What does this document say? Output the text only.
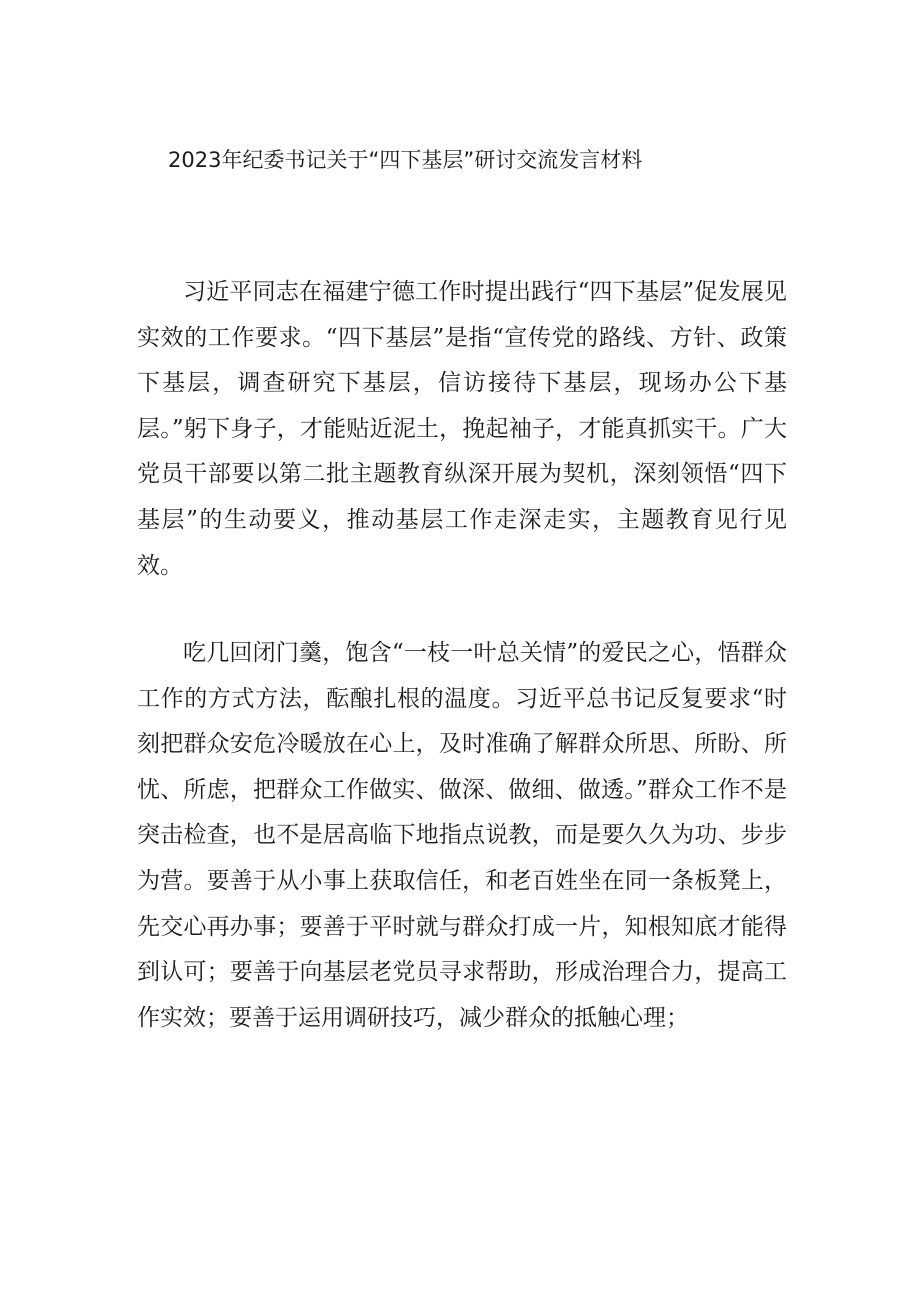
2023年纪委书记关于“四下基层”研讨交流发言材料

习近平同志在福建宁德工作时提出践行“四下基层”促发展见实效的工作要求。“四下基层”是指“宣传党的路线、方针、政策下基层，调查研究下基层，信访接待下基层，现场办公下基层。”躬下身子，才能贴近泥土，挽起袖子，才能真抓实干。广大党员干部要以第二批主题教育纵深开展为契机，深刻领悟“四下基层”的生动要义，推动基层工作走深走实，主题教育见行见效。

吃几回闭门羹，饱含“一枝一叶总关情”的爱民之心，悟群众工作的方式方法，酝酿扎根的温度。习近平总书记反复要求“时刻把群众安危冷暖放在心上，及时准确了解群众所思、所盼、所忧、所虑，把群众工作做实、做深、做细、做透。”群众工作不是突击检查，也不是居高临下地指点说教，而是要久久为功、步步为营。要善于从小事上获取信任，和老百姓坐在同一条板凳上，先交心再办事；要善于平时就与群众打成一片，知根知底才能得到认可；要善于向基层老党员寻求帮助，形成治理合力，提高工作实效；要善于运用调研技巧，减少群众的抵触心理；
